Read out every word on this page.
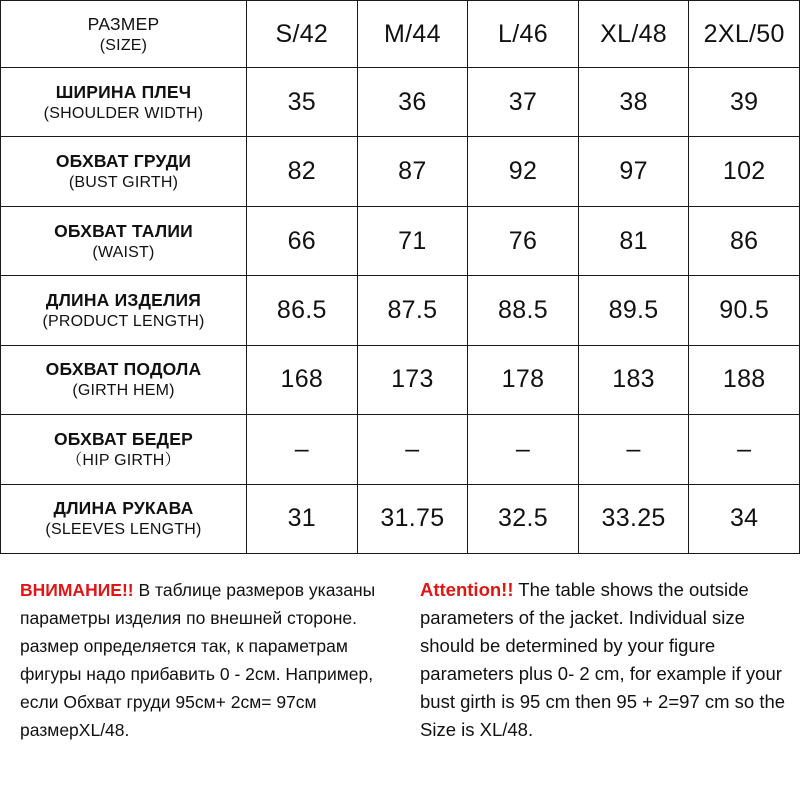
РАЗМЕР
(SIZE)	S/42	M/44	L/46	XL/48	2XL/50

ШИРИНА ПЛЕЧ
(SHOULDER WIDTH)	35	36	37	38	39

ОБХВАТ ГРУДИ
(BUST GIRTH)	82	87	92	97	102

ОБХВАТ ТАЛИИ
(WAIST)	66	71	76	81	86

ДЛИНА ИЗДЕЛИЯ
(PRODUCT LENGTH)	86.5	87.5	88.5	89.5	90.5

ОБХВАТ ПОДОЛА
(GIRTH HEM)	168	173	178	183	188

ОБХВАТ БЕДЕР
（HIP GIRTH）	–	–	–	–	–

ДЛИНА РУКАВА
(SLEEVES LENGTH)	31	31.75	32.5	33.25	34
ВНИМАНИЕ!! В таблице размеров указаны параметры изделия по внешней стороне. размер определяется так, к параметрам фигуры надо прибавить 0 - 2см. Например, если Обхват груди 95см+ 2см= 97см размерXL/48.
Attention!! The table shows the outside parameters of the jacket. Individual size should be determined by your figure parameters plus 0- 2 cm, for example if your bust girth is 95 cm then 95 + 2=97 cm so the Size is XL/48.
